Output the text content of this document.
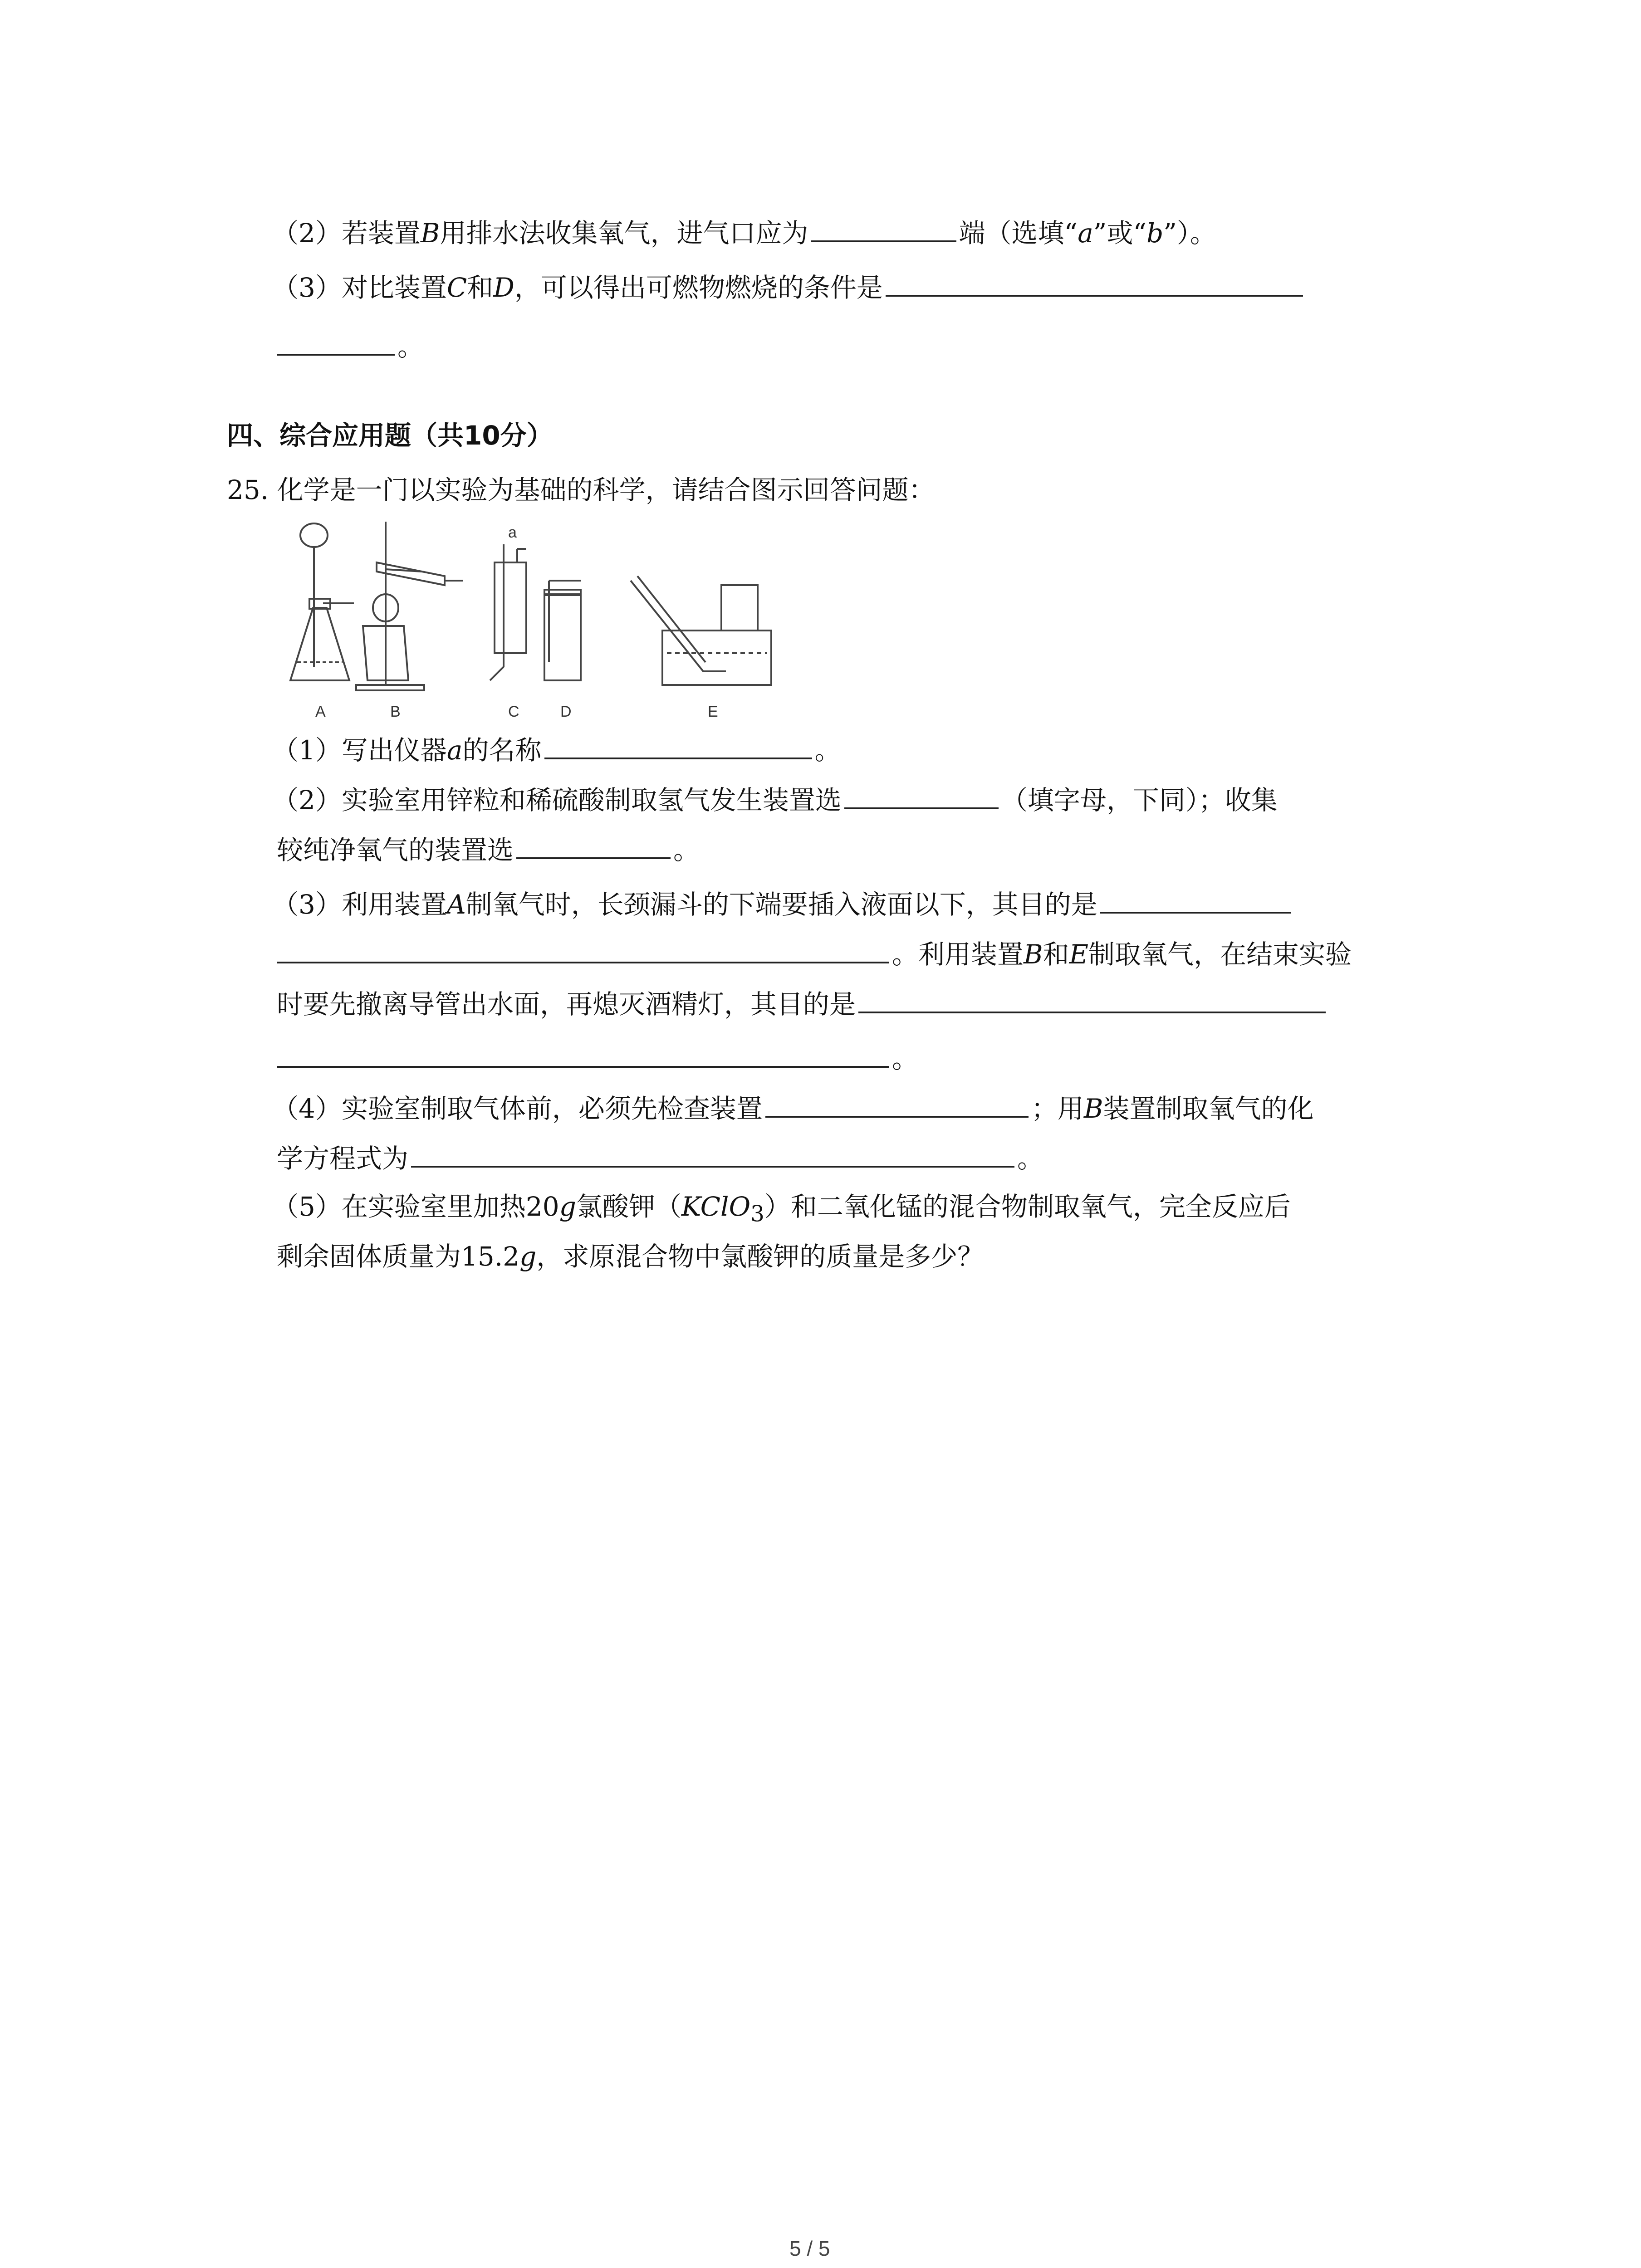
（2）若装置B用排水法收集氧气，进气口应为	端（选填“a”或“b”）。
（3）对比装置C和D，可以得出可燃物燃烧的条件是
。
四、综合应用题（共10分）
25. 化学是一门以实验为基础的科学，请结合图示回答问题：
a
A	B	C	D	E
（1）写出仪器a的名称	。
（2）实验室用锌粒和稀硫酸制取氢气发生装置选	（填字母，下同）；收集
较纯净氧气的装置选	。
（3）利用装置A制氧气时，长颈漏斗的下端要插入液面以下，其目的是
。利用装置B和E制取氧气，在结束实验
时要先撤离导管出水面，再熄灭酒精灯，其目的是
。
（4）实验室制取气体前，必须先检查装置	；用B装置制取氧气的化
学方程式为	。
（5）在实验室里加热20g氯酸钾（KClO$_3$）和二氧化锰的混合物制取氧气，完全反应后
剩余固体质量为15.2g，求原混合物中氯酸钾的质量是多少？
5 / 5
